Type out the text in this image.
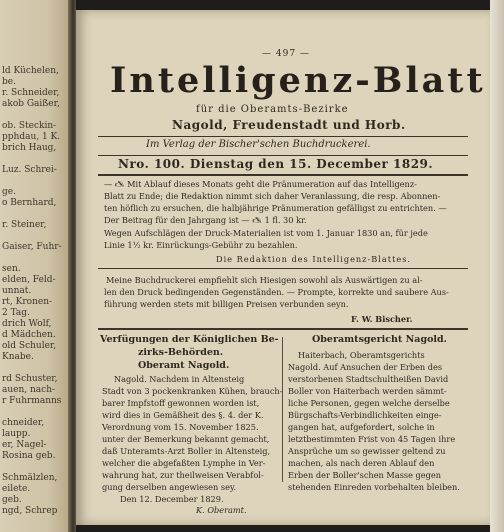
ld Küchelen,
be.
r. Schneider,
akob Gaißer,
ob. Steckin-
pphdau, 1 K.
brich Haug,
Luz. Schrei-
ge.
o Bernhard,
r. Steiner,
Gaiser, Fuhr-
sen.
elden, Feld-
unnat.
rt, Kronen-
2 Tag.
drich Wolf,
d Mädchen.
old Schuler,
Knabe.
rd Schuster,
auen, nach-
r Fuhrmanns
chneider,
laupp.
er, Nagel-
Rosina geb.
Schmälzlen,
eilete.
geb.
ngd, Schrep
— 497 —
Intelligenz-Blatt
für die Oberamts-Bezirke
Nagold, Freudenstadt und Horb.
Im Verlag der Bischer'schen Buchdruckerei.
Nro. 100. Dienstag den 15. December 1829.
— 🖎 Mit Ablauf dieses Monats geht die Pränumeration auf das Intelligenz-
Blatt zu Ende; die Redaktion nimmt sich daher Veranlassung, die resp. Abonnen-
ten höflich zu ersuchen, die halbjährige Pränumeration gefälligst zu entrichten. —
Der Beitrag für den Jahrgang ist — 🖎 1 fl. 30 kr.
Wegen Aufschlägen der Druck-Materialien ist vom 1. Januar 1830 an, für jede
Linie 1½ kr. Einrückungs-Gebühr zu bezahlen.
Die Redaktion des Intelligenz-Blattes.
Meine Buchdruckerei empfiehlt sich Hiesigen sowohl als Auswärtigen zu al-
len den Druck bedingenden Gegenständen. — Prompte, korrekte und saubere Aus-
führung werden stets mit billigen Preisen verbunden seyn.
F. W. Bischer.
Verfügungen der Königlichen Be-
zirks-Behörden.
Oberamt Nagold.
Nagold. Nachdem in Altensteig
Stadt von 3 pockenkranken Kühen, brauch-
barer Impfstoff gewonnen worden ist,
wird dies in Gemäßheit des §. 4. der K.
Verordnung vom 15. November 1825.
unter der Bemerkung bekannt gemacht,
daß Unteramts-Arzt Boller in Altensteig,
welcher die abgefaßten Lymphe in Ver-
wahrung hat, zur theilweisen Verabfol-
gung derselben angewiesen sey.
Den 12. December 1829.
K. Oberamt.
Oberamtsgericht Nagold.
Haiterbach, Oberamtsgerichts
Nagold. Auf Ansuchen der Erben des
verstorbenen Stadtschultheißen David
Boller von Haiterbach werden sämmt-
liche Personen, gegen welche derselbe
Bürgschafts-Verbindlichkeiten einge-
gangen hat, aufgefordert, solche in
letztbestimmten Frist von 45 Tagen ihre
Ansprüche um so gewisser geltend zu
machen, als nach deren Ablauf den
Erben der Boller'schen Masse gegen
stehenden Einreden vorbehalten bleiben.
